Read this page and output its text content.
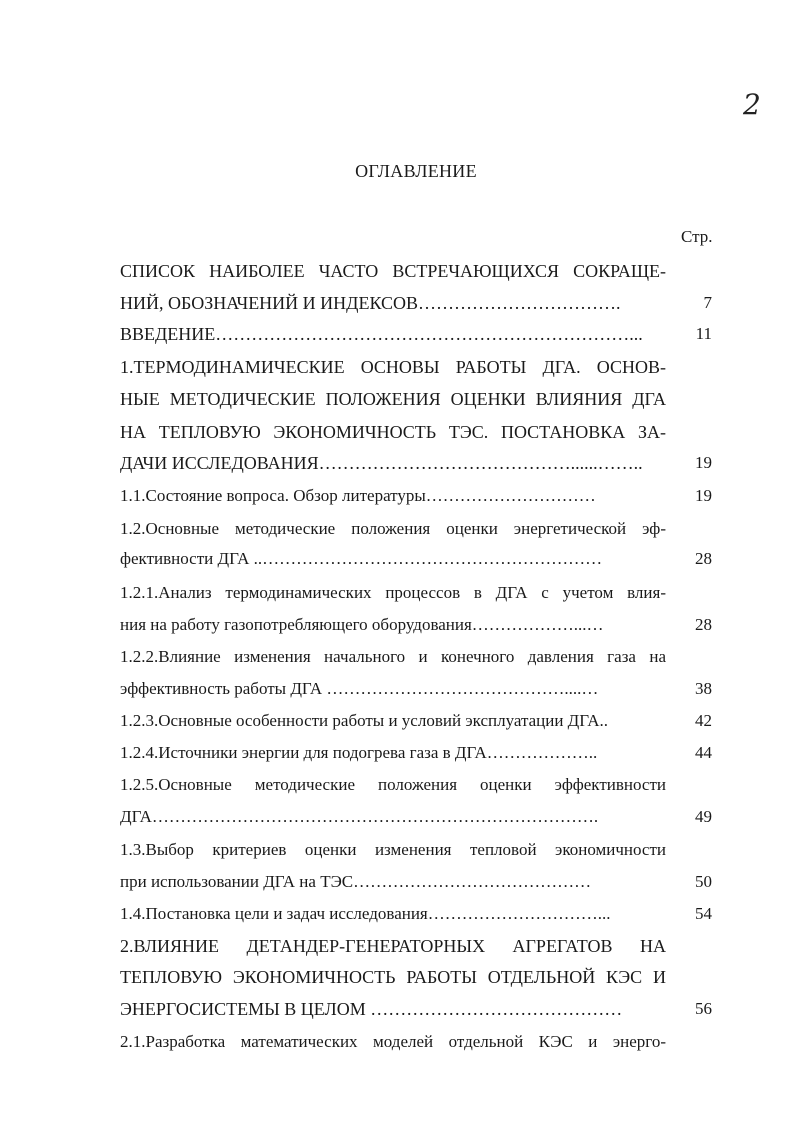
2
ОГЛАВЛЕНИЕ
Стр.
СПИСОК НАИБОЛЕЕ ЧАСТО ВСТРЕЧАЮЩИХСЯ СОКРАЩЕ-
НИЙ, ОБОЗНАЧЕНИЙ И ИНДЕКСОВ…………………………….	7
ВВЕДЕНИЕ……………………………………………………………...	11
1.ТЕРМОДИНАМИЧЕСКИЕ ОСНОВЫ РАБОТЫ ДГА. ОСНОВ-
НЫЕ МЕТОДИЧЕСКИЕ ПОЛОЖЕНИЯ ОЦЕНКИ ВЛИЯНИЯ ДГА
НА ТЕПЛОВУЮ ЭКОНОМИЧНОСТЬ ТЭС. ПОСТАНОВКА ЗА-
ДАЧИ ИССЛЕДОВАНИЯ……………………………………......……..	19
1.1.Состояние вопроса. Обзор литературы…………………………	19
1.2.Основные методические положения оценки энергетической эф-
фективности ДГА ..……………………………………………………	28
1.2.1.Анализ термодинамических процессов в ДГА с учетом влия-
ния на работу газопотребляющего оборудования………………...…	28
1.2.2.Влияние изменения начального и конечного давления газа на
эффективность работы ДГА ……………………………………....…	38
1.2.3.Основные особенности работы и условий эксплуатации ДГА..	42
1.2.4.Источники энергии для подогрева газа в ДГА………………..	44
1.2.5.Основные методические положения оценки эффективности
ДГА…………………………………………………………………….	49
1.3.Выбор критериев оценки изменения тепловой экономичности
при использовании ДГА на ТЭС……………………………………	50
1.4.Постановка цели и задач исследования…………………………...	54
2.ВЛИЯНИЕ ДЕТАНДЕР-ГЕНЕРАТОРНЫХ АГРЕГАТОВ НА
ТЕПЛОВУЮ ЭКОНОМИЧНОСТЬ РАБОТЫ ОТДЕЛЬНОЙ КЭС И
ЭНЕРГОСИСТЕМЫ В ЦЕЛОМ ……………………………………	56
2.1.Разработка математических моделей отдельной КЭС и энерго-
